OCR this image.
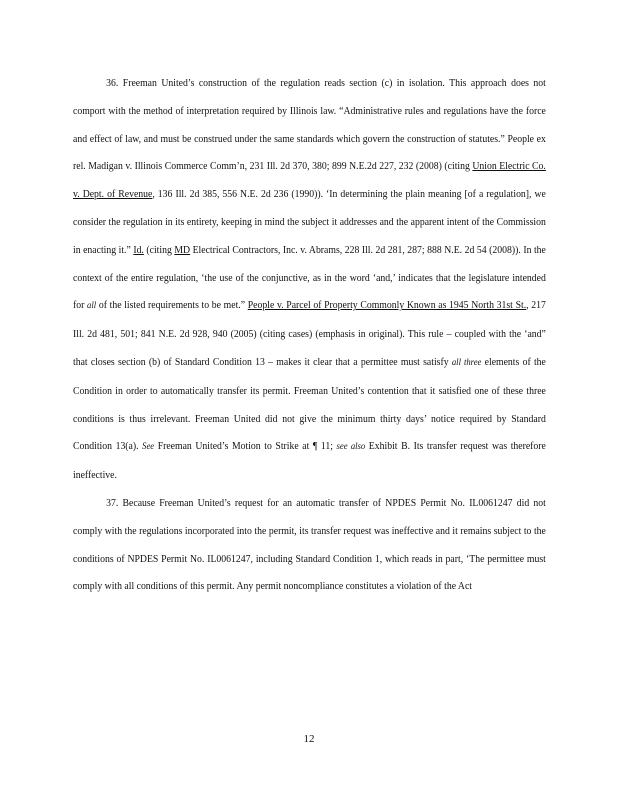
36. Freeman United’s construction of the regulation reads section (c) in isolation. This approach does not comport with the method of interpretation required by Illinois law. “Administrative rules and regulations have the force and effect of law, and must be construed under the same standards which govern the construction of statutes.” People ex rel. Madigan v. Illinois Commerce Comm’n, 231 Ill. 2d 370, 380; 899 N.E.2d 227, 232 (2008) (citing Union Electric Co. v. Dept. of Revenue, 136 Ill. 2d 385, 556 N.E. 2d 236 (1990)). ‘In determining the plain meaning [of a regulation], we consider the regulation in its entirety, keeping in mind the subject it addresses and the apparent intent of the Commission in enacting it.” Id. (citing MD Electrical Contractors, Inc. v. Abrams, 228 Ill. 2d 281, 287; 888 N.E. 2d 54 (2008)). In the context of the entire regulation, ‘the use of the conjunctive, as in the word ‘and,’ indicates that the legislature intended for all of the listed requirements to be met.” People v. Parcel of Property Commonly Known as 1945 North 31st St., 217 Ill. 2d 481, 501; 841 N.E. 2d 928, 940 (2005) (citing cases) (emphasis in original). This rule – coupled with the ‘and” that closes section (b) of Standard Condition 13 – makes it clear that a permittee must satisfy all three elements of the Condition in order to automatically transfer its permit. Freeman United’s contention that it satisfied one of these three conditions is thus irrelevant. Freeman United did not give the minimum thirty days’ notice required by Standard Condition 13(a). See Freeman United’s Motion to Strike at ¶ 11; see also Exhibit B. Its transfer request was therefore ineffective.

37. Because Freeman United’s request for an automatic transfer of NPDES Permit No. IL0061247 did not comply with the regulations incorporated into the permit, its transfer request was ineffective and it remains subject to the conditions of NPDES Permit No. IL0061247, including Standard Condition 1, which reads in part, ‘The permittee must comply with all conditions of this permit. Any permit noncompliance constitutes a violation of the Act

12
